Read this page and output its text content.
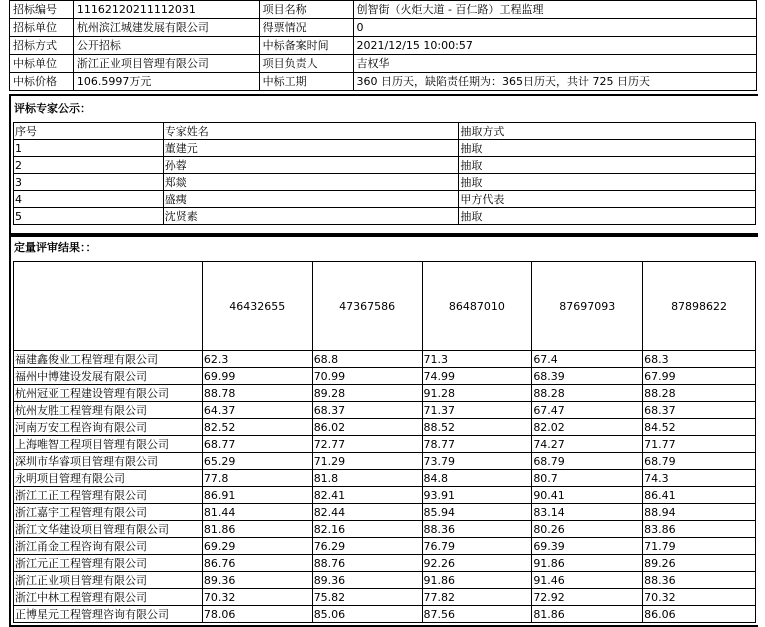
招标编号	11162120211112031	项目名称	创智街（火炬大道 - 百仁路）工程监理
招标单位	杭州滨江城建发展有限公司	得票情况	0
招标方式	公开招标	中标备案时间	2021/12/15 10:00:57
中标单位	浙江正业项目管理有限公司	项目负责人	吉权华
中标价格	106.5997万元	中标工期	360 日历天，缺陷责任期为：365日历天，共计 725 日历天
评标专家公示：
序号	专家姓名	抽取方式
1	董建元	抽取
2	孙蓉	抽取
3	郑燚	抽取
4	盛痍	甲方代表
5	沈贤素	抽取
定量评审结果：：
	46432655	47367586	86487010	87697093	87898622
福建鑫俊业工程管理有限公司	62.3	68.8	71.3	67.4	68.3
福州中博建设发展有限公司	69.99	70.99	74.99	68.39	67.99
杭州冠亚工程建设管理有限公司	88.78	89.28	91.28	88.28	88.28
杭州友胜工程管理有限公司	64.37	68.37	71.37	67.47	68.37
河南万安工程咨询有限公司	82.52	86.02	88.52	82.02	84.52
上海唯智工程项目管理有限公司	68.77	72.77	78.77	74.27	71.77
深圳市华睿项目管理有限公司	65.29	71.29	73.79	68.79	68.79
永明项目管理有限公司	77.8	81.8	84.8	80.7	74.3
浙江工正工程管理有限公司	86.91	82.41	93.91	90.41	86.41
浙江嘉宇工程管理有限公司	81.44	82.44	85.94	83.14	88.94
浙江文华建设项目管理有限公司	81.86	82.16	88.36	80.26	83.86
浙江甬金工程咨询有限公司	69.29	76.29	76.79	69.39	71.79
浙江元正工程管理有限公司	86.76	88.76	92.26	91.86	89.26
浙江正业项目管理有限公司	89.36	89.36	91.86	91.46	88.36
浙江中林工程管理有限公司	70.32	75.82	77.82	72.92	70.32
正博星元工程管理咨询有限公司	78.06	85.06	87.56	81.86	86.06
